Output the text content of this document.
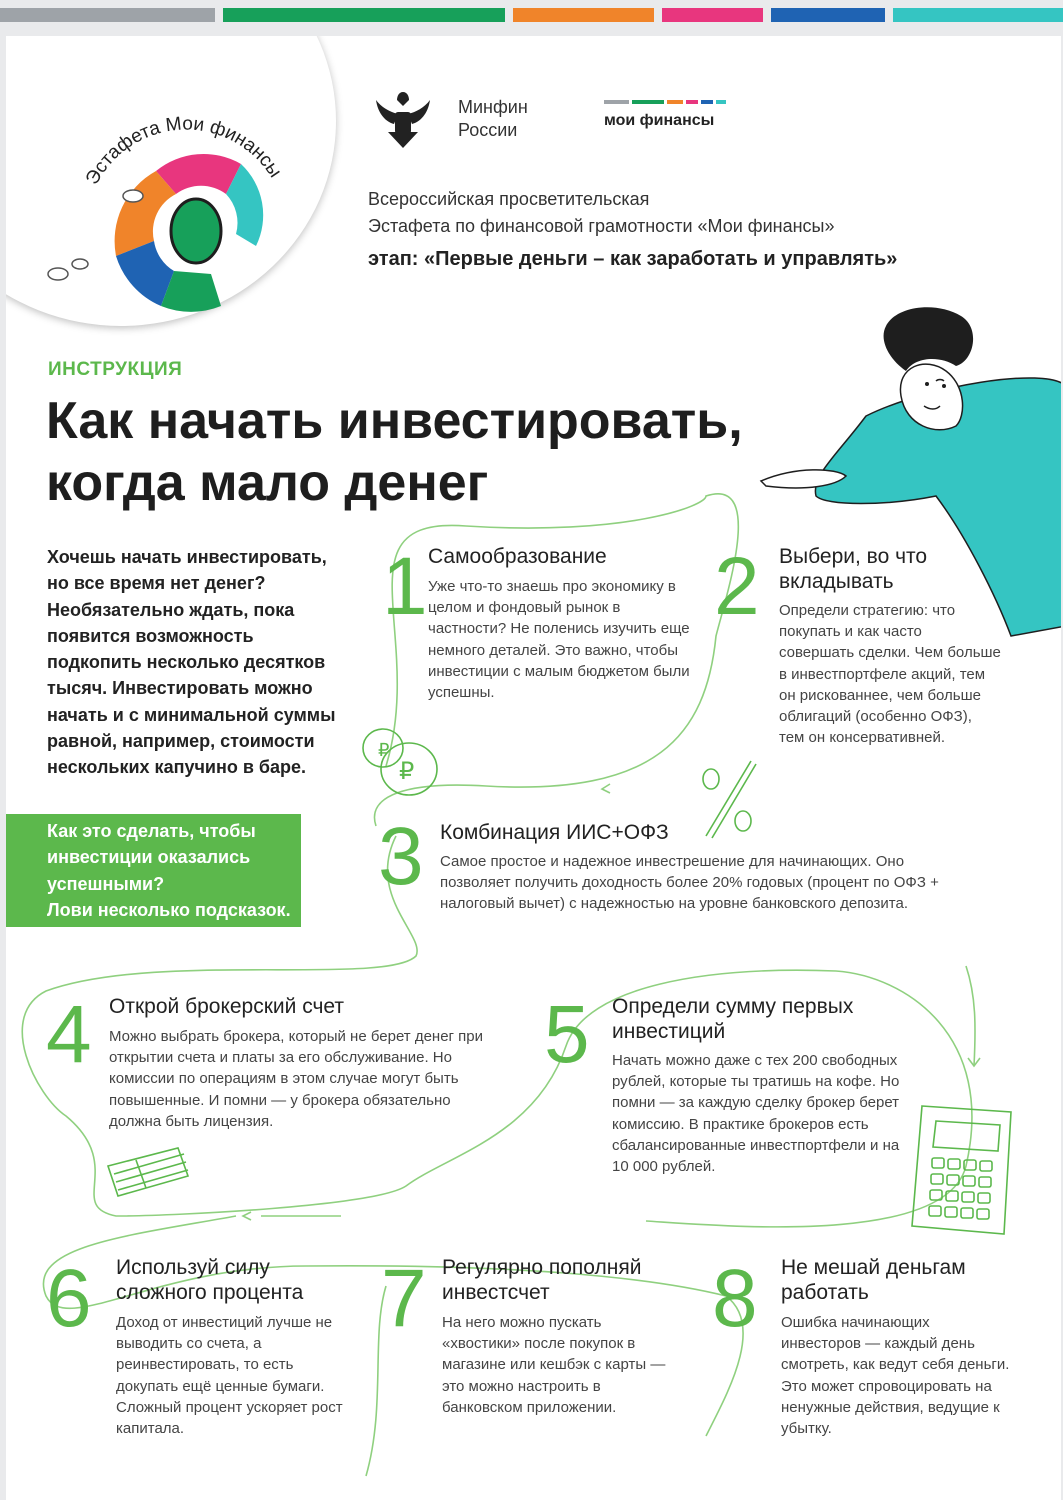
₽
₽
Эстафета Мои финансы
Минфин
России	мои финансы
Всероссийская просветительская
Эстафета по финансовой грамотности «Мои финансы»
этап: «Первые деньги – как заработать и управлять»
ИНСТРУКЦИЯ
Как начать инвестировать,
когда мало денег
Хочешь начать инвестировать, но все время нет денег? Необязательно ждать, пока появится возможность подкопить несколько десятков тысяч. Инвестировать можно начать и с минимальной суммы равной, например, стоимости нескольких капучино в баре.
Как это сделать, чтобы
инвестиции оказались
успешными?
Лови несколько подсказок.
1 Самообразование
Уже что-то знаешь про экономику в целом и фондовый рынок в частности? Не поленись изучить еще немного деталей. Это важно, чтобы инвестиции с малым бюджетом были успешны.
2 Выбери, во что вкладывать
Определи стратегию: что покупать и как часто совершать сделки. Чем больше в инвестпортфеле акций, тем он рискованнее, чем больше облигаций (особенно ОФЗ), тем он консервативней.
3 Комбинация ИИС+ОФЗ
Самое простое и надежное инвестрешение для начинающих. Оно позволяет получить доходность более 20% годовых (процент по ОФЗ + налоговый вычет) с надежностью на уровне банковского депозита.
4 Открой брокерский счет
Можно выбрать брокера, который не берет денег при открытии счета и платы за его обслуживание. Но комиссии по операциям в этом случае могут быть повышенные. И помни — у брокера обязательно должна быть лицензия.
5 Определи сумму первых инвестиций
Начать можно даже с тех 200 свободных рублей, которые ты тратишь на кофе. Но помни — за каждую сделку брокер берет комиссию. В практике брокеров есть сбалансированные инвестпортфели и на 10 000 рублей.
6 Используй силу сложного процента
Доход от инвестиций лучше не выводить со счета, а реинвестировать, то есть докупать ещё ценные бумаги. Сложный процент ускоряет рост капитала.
7 Регулярно пополняй инвестсчет
На него можно пускать «хвостики» после покупок в магазине или кешбэк с карты — это можно настроить в банковском приложении.
8 Не мешай деньгам работать
Ошибка начинающих инвесторов — каждый день смотреть, как ведут себя деньги. Это может спровоцировать на ненужные действия, ведущие к убытку.
